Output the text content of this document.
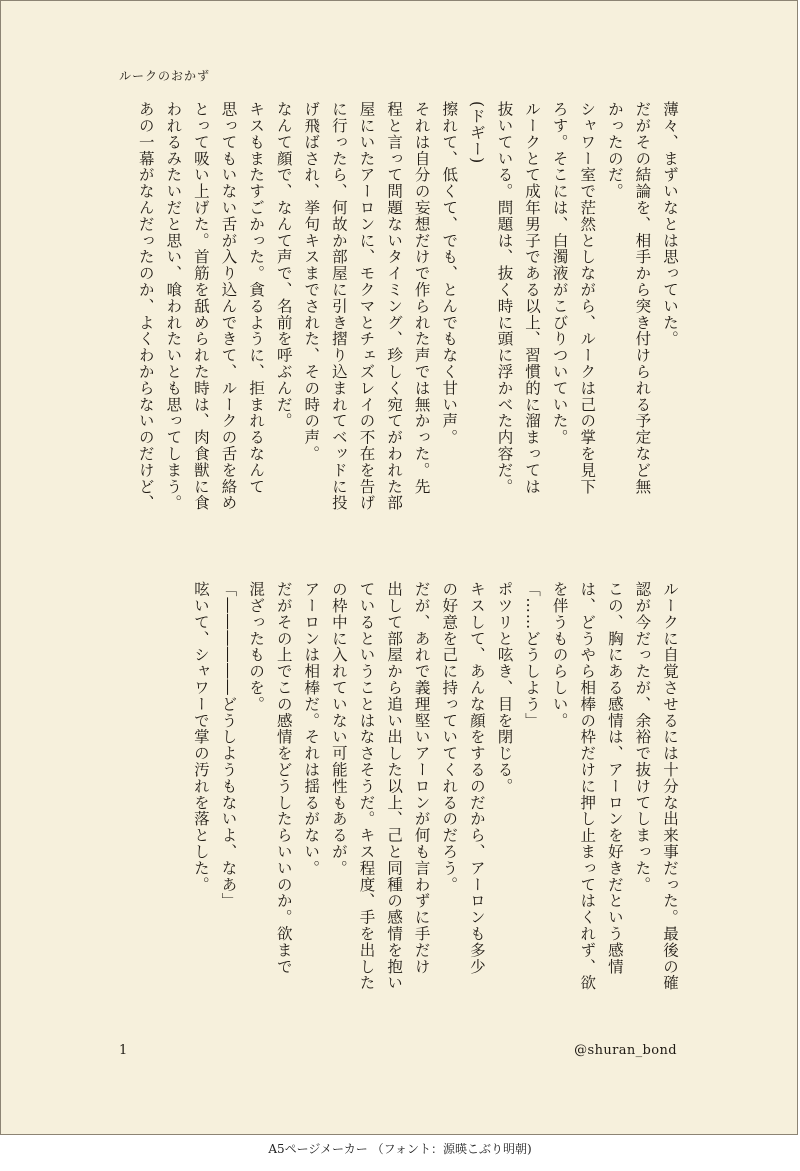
ルークのおかず
薄々、まずいなとは思っていた。
だがその結論を、相手から突き付けられる予定など無
かったのだ。
シャワー室で茫然としながら、ルークは己の掌を見下
ろす。そこには、白濁液がこびりついていた。
ルークとて成年男子である以上、習慣的に溜まっては
抜いている。問題は、抜く時に頭に浮かべた内容だ。
(ドギー)
擦れて、低くて、でも、とんでもなく甘い声。
それは自分の妄想だけで作られた声では無かった。先
程と言って問題ないタイミング、珍しく宛てがわれた部
屋にいたアーロンに、モクマとチェズレイの不在を告げ
に行ったら、何故か部屋に引き摺り込まれてベッドに投
げ飛ばされ、挙句キスまでされた、その時の声。
なんて顔で、なんて声で、名前を呼ぶんだ。
キスもまたすごかった。貪るように、拒まれるなんて
思ってもいない舌が入り込んできて、ルークの舌を絡め
とって吸い上げた。首筋を舐められた時は、肉食獣に食
われるみたいだと思い、喰われたいとも思ってしまう。
あの一幕がなんだったのか、よくわからないのだけど、
ルークに自覚させるには十分な出来事だった。最後の確
認が今だったが、余裕で抜けてしまった。
この、胸にある感情は、アーロンを好きだという感情
は、どうやら相棒の枠だけに押し止まってはくれず、欲
を伴うものらしい。
「……どうしよう」
ポツリと呟き、目を閉じる。
キスして、あんな顔をするのだから、アーロンも多少
の好意を己に持っていてくれるのだろう。
だが、あれで義理堅いアーロンが何も言わずに手だけ
出して部屋から追い出した以上、己と同種の感情を抱い
ているということはなさそうだ。キス程度、手を出した
の枠中に入れていない可能性もあるが。
アーロンは相棒だ。それは揺るがない。
だがその上でこの感情をどうしたらいいのか。欲まで
混ざったものを。
「――――――どうしようもないよ、なあ」
呟いて、シャワーで掌の汚れを落とした。
1	@shuran_bond
A5ページメーカー （フォント：源暎こぶり明朝)
